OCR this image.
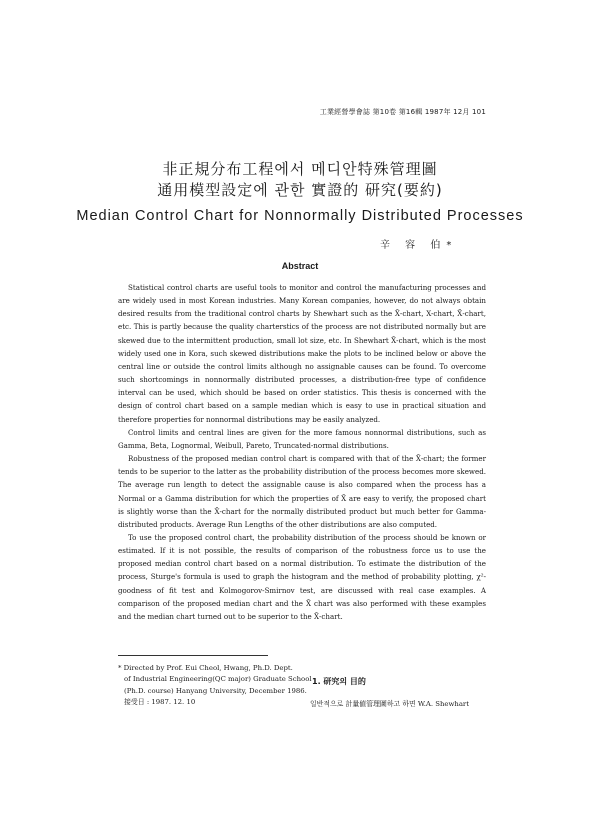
工業經營學會誌 第10卷 第16輯 1987年 12月 101
非正規分布工程에서 메디안特殊管理圖
通用模型設定에 관한 實證的 研究(要約)
Median Control Chart for Nonnormally Distributed Processes
辛 容 伯*
Abstract

Statistical control charts are useful tools to monitor and control the manufacturing processes and are widely used in most Korean industries. Many Korean companies, however, do not always obtain desired results from the traditional control charts by Shewhart such as the X̄-chart, X-chart, X̃-chart, etc. This is partly because the quality charterstics of the process are not distributed normally but are skewed due to the intermittent production, small lot size, etc. In Shewhart X̄-chart, which is the most widely used one in Kora, such skewed distributions make the plots to be inclined below or above the central line or outside the control limits although no assignable causes can be found. To overcome such shortcomings in nonnormally distributed processes, a distribution-free type of confidence interval can be used, which should be based on order statistics. This thesis is concerned with the design of control chart based on a sample median which is easy to use in practical situation and therefore properties for nonnormal distributions may be easily analyzed.

Control limits and central lines are given for the more famous nonnormal distributions, such as Gamma, Beta, Lognormal, Weibull, Pareto, Truncated-normal distributions.

Robustness of the proposed median control chart is compared with that of the X̄-chart; the former tends to be superior to the latter as the probability distribution of the process becomes more skewed. The average run length to detect the assignable cause is also compared when the process has a Normal or a Gamma distribution for which the properties of X̄ are easy to verify, the proposed chart is slightly worse than the X̄-chart for the normally distributed product but much better for Gamma-distributed products. Average Run Lengths of the other distributions are also computed.

To use the proposed control chart, the probability distribution of the process should be known or estimated. If it is not possible, the results of comparison of the robustness force us to use the proposed median control chart based on a normal distribution. To estimate the distribution of the process, Sturge's formula is used to graph the histogram and the method of probability plotting, χ²-goodness of fit test and Kolmogorov-Smirnov test, are discussed with real case examples. A comparison of the proposed median chart and the X̄ chart was also performed with these examples and the median chart turned out to be superior to the X̄-chart.

* Directed by Prof. Eui Cheol, Hwang, Ph.D. Dept.
of Industrial Engineering(QC major) Graduate School
(Ph.D. course) Hanyang University, December 1986.
接受日 : 1987. 12. 10
1. 研究의 目的
일반적으로 計量値管理圖하고 하면 W.A. Shewhart
